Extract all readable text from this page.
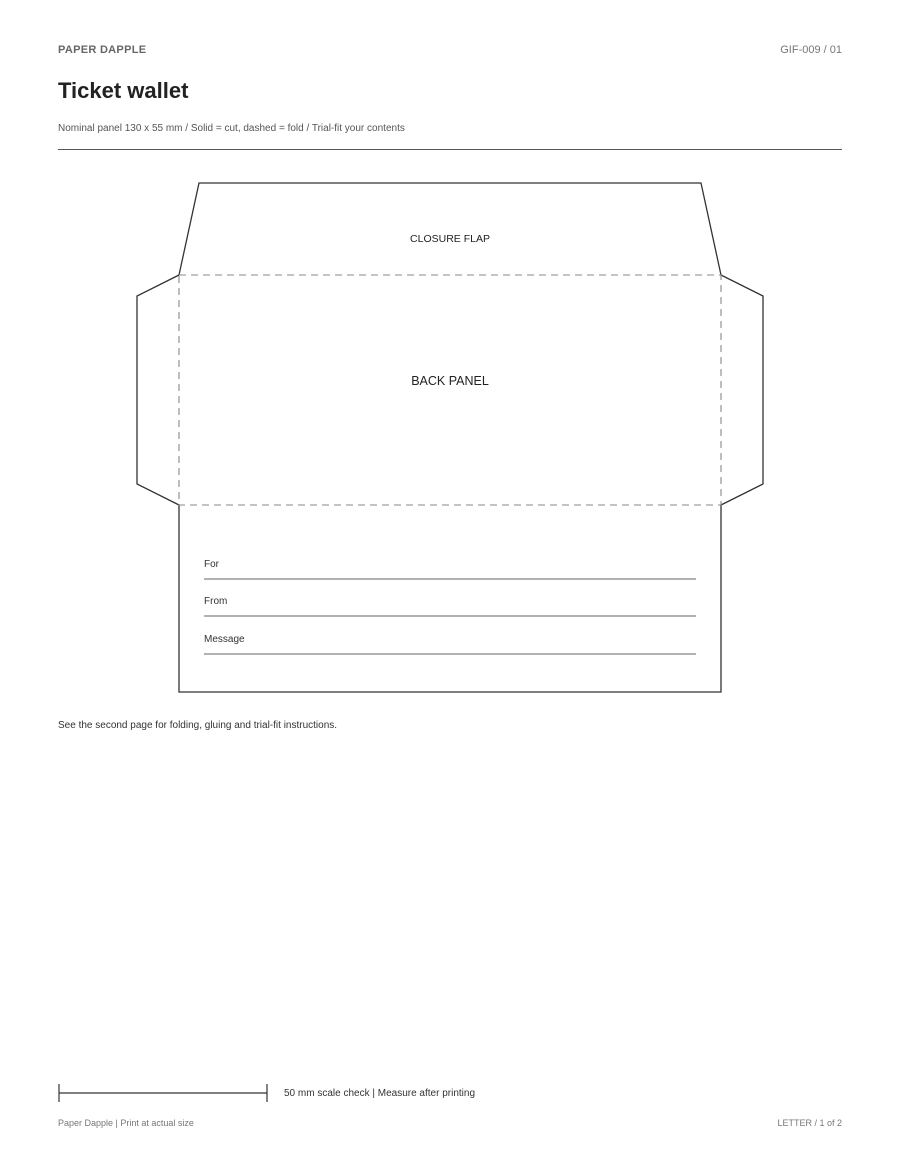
PAPER DAPPLE	GIF-009 / 01
Ticket wallet
Nominal panel 130 x 55 mm / Solid = cut, dashed = fold / Trial-fit your contents
CLOSURE FLAP
BACK PANEL
For
From
Message
See the second page for folding, gluing and trial-fit instructions.
50 mm scale check | Measure after printing
Paper Dapple | Print at actual size	LETTER / 1 of 2
